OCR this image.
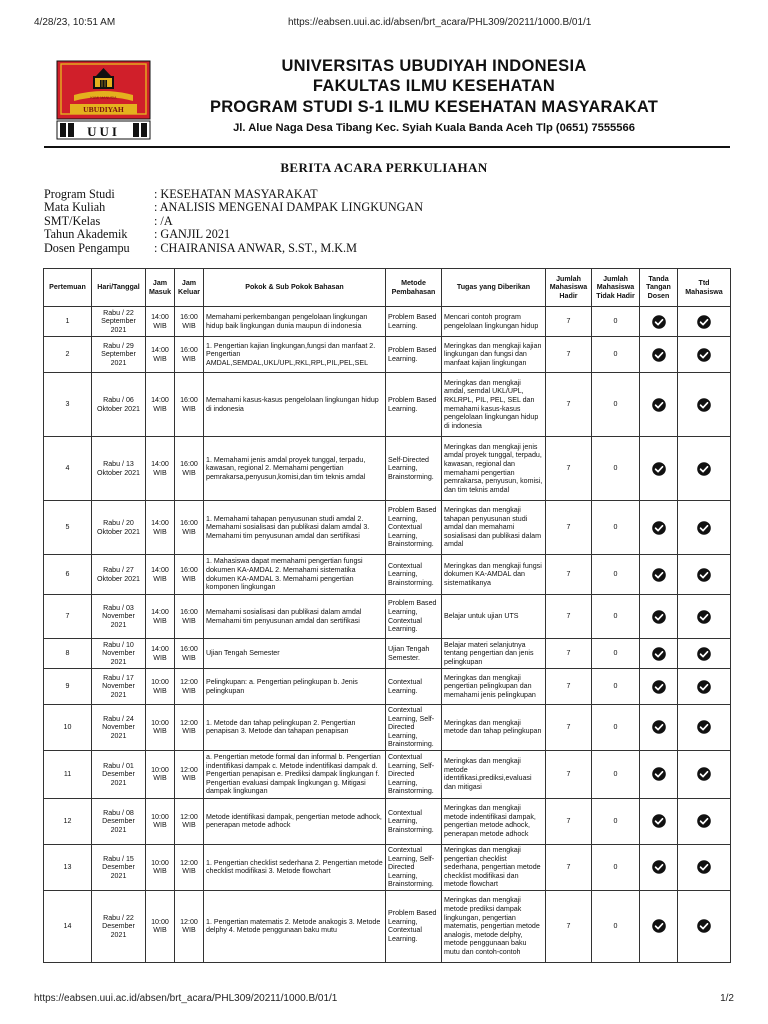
4/28/23, 10:51 AM	https://eabsen.uui.ac.id/absen/brt_acara/PHL309/20211/1000.B/01/1
KAMI MANUSIA
UBUDIYAH
UUI
UNIVERSITAS UBUDIYAH INDONESIA
FAKULTAS ILMU KESEHATAN
PROGRAM STUDI S-1 ILMU KESEHATAN MASYARAKAT
Jl. Alue Naga Desa Tibang Kec. Syiah Kuala Banda Aceh Tlp (0651) 7555566
BERITA ACARA PERKULIAHAN
Program Studi	: KESEHATAN MASYARAKAT
Mata Kuliah	: ANALISIS MENGENAI DAMPAK LINGKUNGAN
SMT/Kelas	: /A
Tahun Akademik	: GANJIL 2021
Dosen Pengampu	: CHAIRANISA ANWAR, S.ST., M.K.M
Pertemuan	Hari/Tanggal	Jam Masuk	Jam Keluar	Pokok & Sub Pokok Bahasan	Metode Pembahasan	Tugas yang Diberikan	Jumlah Mahasiswa Hadir	Jumlah Mahasiswa Tidak Hadir	Tanda Tangan Dosen	Ttd Mahasiswa
1	Rabu / 22 September 2021	14:00 WIB	16:00 WIB	Memahami perkembangan pengelolaan lingkungan hidup baik lingkungan dunia maupun di indonesia	Problem Based Learning.	Mencari contoh program pengelolaan lingkungan hidup	7	0		
2	Rabu / 29 September 2021	14:00 WIB	16:00 WIB	1. Pengertian kajian lingkungan,fungsi dan manfaat 2. Pengertian AMDAL,SEMDAL,UKL/UPL,RKL,RPL,PIL,PEL,SEL	Problem Based Learning.	Meringkas dan mengkaji kajian lingkungan dan fungsi dan manfaat kajian lingkungan	7	0		
3	Rabu / 06 Oktober 2021	14:00 WIB	16:00 WIB	Memahami kasus-kasus pengelolaan lingkungan hidup di indonesia	Problem Based Learning.	Meringkas dan mengkaji amdal, semdal UKL/UPL, RKLRPL, PIL, PEL, SEL dan memahami kasus-kasus pengelolaan lingkungan hidup di indonesia	7	0		
4	Rabu / 13 Oktober 2021	14:00 WIB	16:00 WIB	1. Memahami jenis amdal proyek tunggal, terpadu, kawasan, regional 2. Memahami pengertian pemrakarsa,penyusun,komisi,dan tim teknis amdal	Self-Directed Learning, Brainstorming.	Meringkas dan mengkaji jenis amdal proyek tunggal, terpadu, kawasan, regional dan memahami pengertian pemrakarsa, penyusun, komisi, dan tim teknis amdal	7	0		
5	Rabu / 20 Oktober 2021	14:00 WIB	16:00 WIB	1. Memahami tahapan penyusunan studi amdal 2. Memahami sosialisasi dan publikasi dalam amdal 3. Memahami tim penyusunan amdal dan sertifikasi	Problem Based Learning, Contextual Learning, Brainstorming.	Meringkas dan mengkaji tahapan penyusunan studi amdal dan memahami sosialisasi dan publikasi dalam amdal	7	0		
6	Rabu / 27 Oktober 2021	14:00 WIB	16:00 WIB	1. Mahasiswa dapat memahami pengertian fungsi dokumen KA-AMDAL 2. Memahami sistematika dokumen KA-AMDAL 3. Memahami pengertian komponen lingkungan	Contextual Learning, Brainstorming.	Meringkas dan mengkaji fungsi dokumen KA-AMDAL dan sistematikanya	7	0		
7	Rabu / 03 November 2021	14:00 WIB	16:00 WIB	Memahami sosialisasi dan publikasi dalam amdal Memahami tim penyusunan amdal dan sertifikasi	Problem Based Learning, Contextual Learning.	Belajar untuk ujian UTS	7	0		
8	Rabu / 10 November 2021	14:00 WIB	16:00 WIB	Ujian Tengah Semester	Ujian Tengah Semester.	Belajar materi selanjutnya tentang pengertian dan jenis pelingkupan	7	0		
9	Rabu / 17 November 2021	10:00 WIB	12:00 WIB	Pelingkupan: a. Pengertian pelingkupan b. Jenis pelingkupan	Contextual Learning.	Meringkas dan mengkaji pengertian pelingkupan dan memahami jenis pelingkupan	7	0		
10	Rabu / 24 November 2021	10:00 WIB	12:00 WIB	1. Metode dan tahap pelingkupan 2. Pengertian penapisan 3. Metode dan tahapan penapisan	Contextual Learning, Self-Directed Learning, Brainstorming.	Meringkas dan mengkaji metode dan tahap pelingkupan	7	0		
11	Rabu / 01 Desember 2021	10:00 WIB	12:00 WIB	a. Pengertian metode formal dan informal b. Pengertian indentifikasi dampak c. Metode indentifikasi dampak d. Pengertian penapisan e. Prediksi dampak lingkungan f. Pengertian evaluasi dampak lingkungan g. Mitigasi dampak lingkungan	Contextual Learning, Self-Directed Learning, Brainstorming.	Meringkas dan mengkaji metode identifikasi,prediksi,evaluasi dan mitigasi	7	0		
12	Rabu / 08 Desember 2021	10:00 WIB	12:00 WIB	Metode identifikasi dampak, pengertian metode adhock, penerapan metode adhock	Contextual Learning, Brainstorming.	Meringkas dan mengkaji metode indentifikasi dampak, pengertian metode adhock, penerapan metode adhock	7	0		
13	Rabu / 15 Desember 2021	10:00 WIB	12:00 WIB	1. Pengertian checklist sederhana 2. Pengertian metode checklist modifikasi 3. Metode flowchart	Contextual Learning, Self-Directed Learning, Brainstorming.	Meringkas dan mengkaji pengertian checklist sederhana, pengertian metode checklist modifikasi dan metode flowchart	7	0		
14	Rabu / 22 Desember 2021	10:00 WIB	12:00 WIB	1. Pengertian matematis 2. Metode anakogis 3. Metode delphy 4. Metode penggunaan baku mutu	Problem Based Learning, Contextual Learning.	Meringkas dan mengkaji metode prediksi dampak lingkungan, pengertian matematis, pengertian metode analogis, metode delphy, metode penggunaan baku mutu dan contoh-contoh	7	0		
https://eabsen.uui.ac.id/absen/brt_acara/PHL309/20211/1000.B/01/1	1/2
